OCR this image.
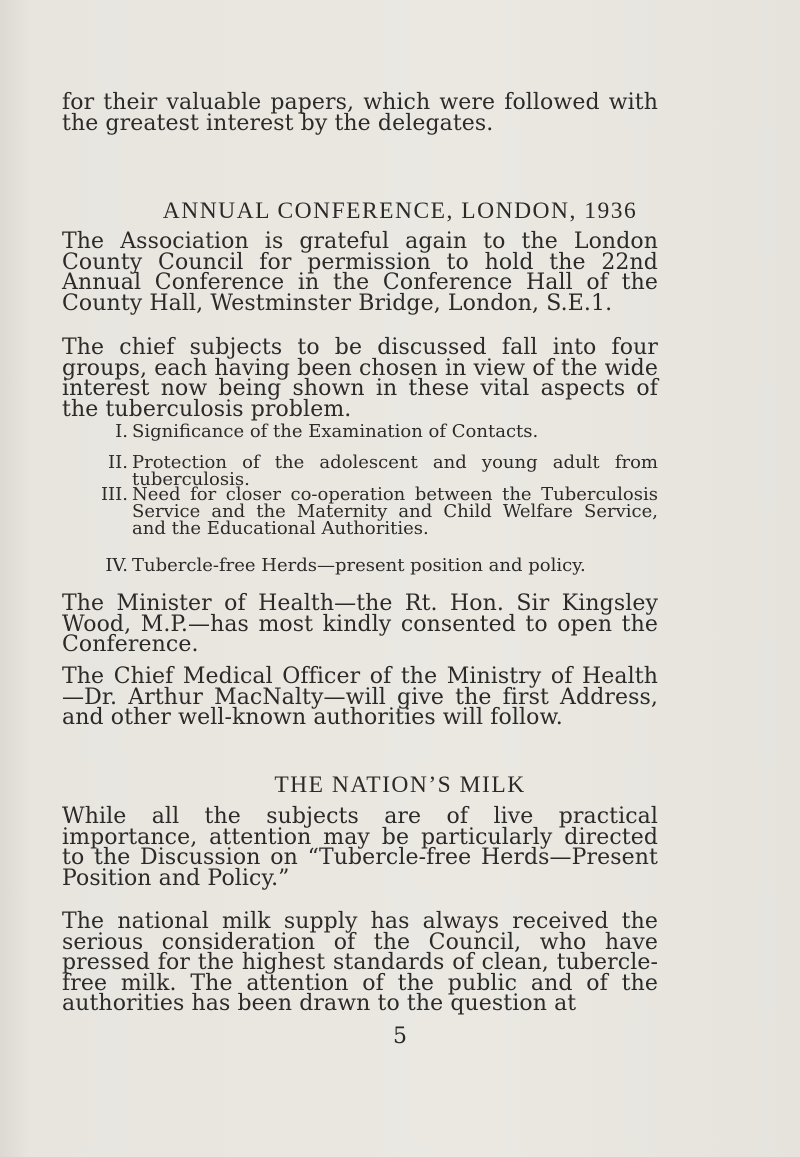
for their valuable papers, which were followed with the greatest interest by the delegates.
ANNUAL CONFERENCE, LONDON, 1936
The Association is grateful again to the London County Council for permission to hold the 22nd Annual Conference in the Conference Hall of the County Hall, Westminster Bridge, London, S.E.1.
The chief subjects to be discussed fall into four groups, each having been chosen in view of the wide interest now being shown in these vital aspects of the tuberculosis problem.
I. Significance of the Examination of Contacts.
II. Protection of the adolescent and young adult from tuberculosis.
III. Need for closer co-operation between the Tuberculosis Service and the Maternity and Child Welfare Service, and the Educational Authorities.
IV. Tubercle-free Herds—present position and policy.
The Minister of Health—the Rt. Hon. Sir Kingsley Wood, M.P.—has most kindly consented to open the Conference.
The Chief Medical Officer of the Ministry of Health—Dr. Arthur MacNalty—will give the first Address, and other well-known authorities will follow.
THE NATION’S MILK
While all the subjects are of live practical importance, attention may be particularly directed to the Discussion on “Tubercle-free Herds—Present Position and Policy.”
The national milk supply has always received the serious consideration of the Council, who have pressed for the highest standards of clean, tubercle-free milk. The attention of the public and of the authorities has been drawn to the question at
5
